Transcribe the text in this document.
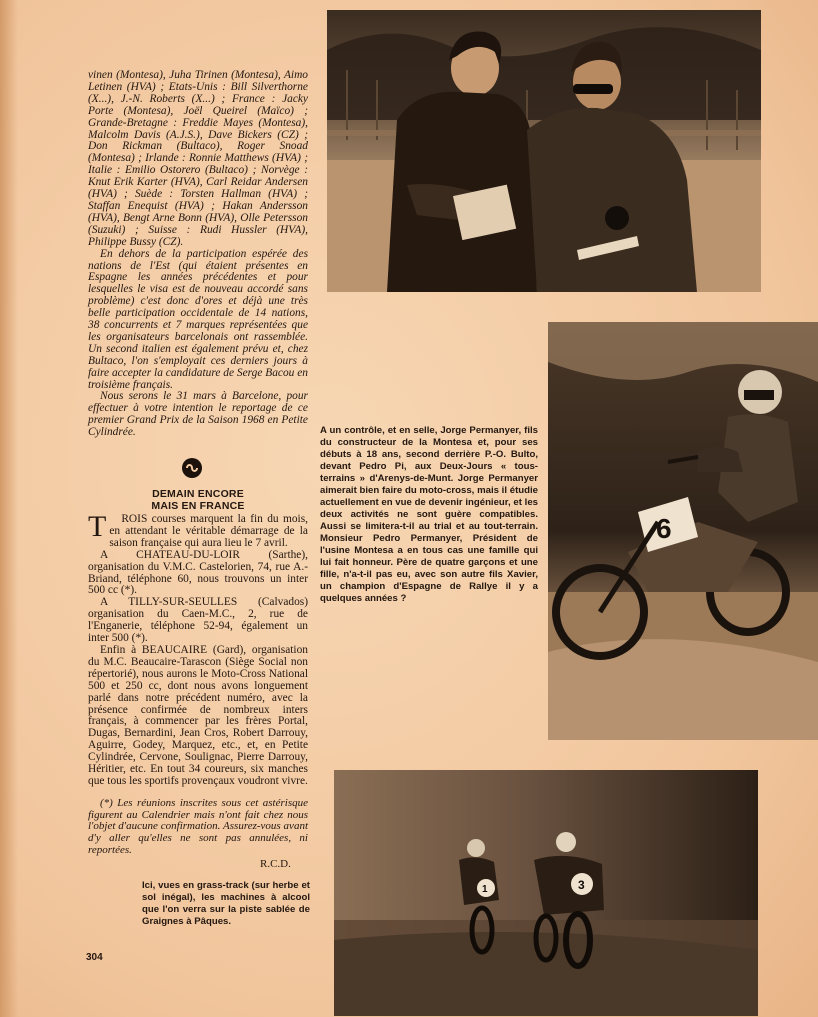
vinen (Montesa), Juha Tirinen (Montesa), Aimo Letinen (HVA) ; Etats-Unis : Bill Silverthorne (X...), J.-N. Roberts (X...) ; France : Jacky Porte (Montesa), Joël Queirel (Maïco) ; Grande-Bretagne : Freddie Mayes (Montesa), Malcolm Davis (A.J.S.), Dave Bickers (CZ) ; Don Rickman (Bultaco), Roger Snoad (Montesa) ; Irlande : Ronnie Matthews (HVA) ; Italie : Emilio Ostorero (Bultaco) ; Norvège : Knut Erik Karter (HVA), Carl Reidar Andersen (HVA) ; Suède : Torsten Hallman (HVA) ; Staffan Enequist (HVA) ; Hakan Andersson (HVA), Bengt Arne Bonn (HVA), Olle Petersson (Suzuki) ; Suisse : Rudi Hussler (HVA), Philippe Bussy (CZ).

En dehors de la participation espérée des nations de l'Est (qui étaient présentes en Espagne les années précédentes et pour lesquelles le visa est de nouveau accordé sans problème) c'est donc d'ores et déjà une très belle participation occidentale de 14 nations, 38 concurrents et 7 marques représentées que les organisateurs barcelonais ont rassemblée. Un second italien est également prévu et, chez Bultaco, l'on s'employait ces derniers jours à faire accepter la candidature de Serge Bacou en troisième français.

Nous serons le 31 mars à Barcelone, pour effectuer à votre intention le reportage de ce premier Grand Prix de la Saison 1968 en Petite Cylindrée.

DEMAIN ENCORE
MAIS EN FRANCE

T ROIS courses marquent la fin du mois, en attendant le véritable démarrage de la saison française qui aura lieu le 7 avril.

A CHATEAU-DU-LOIR (Sarthe), organisation du V.M.C. Castelorien, 74, rue A.-Briand, téléphone 60, nous trouvons un inter 500 cc (*).

A TILLY-SUR-SEULLES (Calvados) organisation du Caen-M.C., 2, rue de l'Enganerie, téléphone 52-94, également un inter 500 (*).

Enfin à BEAUCAIRE (Gard), organisation du M.C. Beaucaire-Tarascon (Siège Social non répertorié), nous aurons le Moto-Cross National 500 et 250 cc, dont nous avons longuement parlé dans notre précédent numéro, avec la présence confirmée de nombreux inters français, à commencer par les frères Portal, Dugas, Bernardini, Jean Cros, Robert Darrouy, Aguirre, Godey, Marquez, etc., et, en Petite Cylindrée, Cervone, Soulignac, Pierre Darrouy, Héritier, etc. En tout 34 coureurs, six manches que tous les sportifs provençaux voudront vivre.

(*) Les réunions inscrites sous cet astérisque figurent au Calendrier mais n'ont fait chez nous l'objet d'aucune confirmation. Assurez-vous avant d'y aller qu'elles ne sont pas annulées, ni reportées.

R.C.D.
Ici, vues en grass-track (sur herbe et sol inégal), les machines à alcool que l'on verra sur la piste sablée de Graignes à Pâques.
304
A un contrôle, et en selle, Jorge Permanyer, fils du constructeur de la Montesa et, pour ses débuts à 18 ans, second derrière P.-O. Bulto, devant Pedro Pi, aux Deux-Jours « tous-terrains » d'Arenys-de-Munt. Jorge Permanyer aimerait bien faire du moto-cross, mais il étudie actuellement en vue de devenir ingénieur, et les deux activités ne sont guère compatibles. Aussi se limitera-t-il au trial et au tout-terrain. Monsieur Pedro Permanyer, Président de l'usine Montesa a en tous cas une famille qui lui fait honneur. Père de quatre garçons et une fille, n'a-t-il pas eu, avec son autre fils Xavier, un champion d'Espagne de Rallye il y a quelques années ?
6
1	3
